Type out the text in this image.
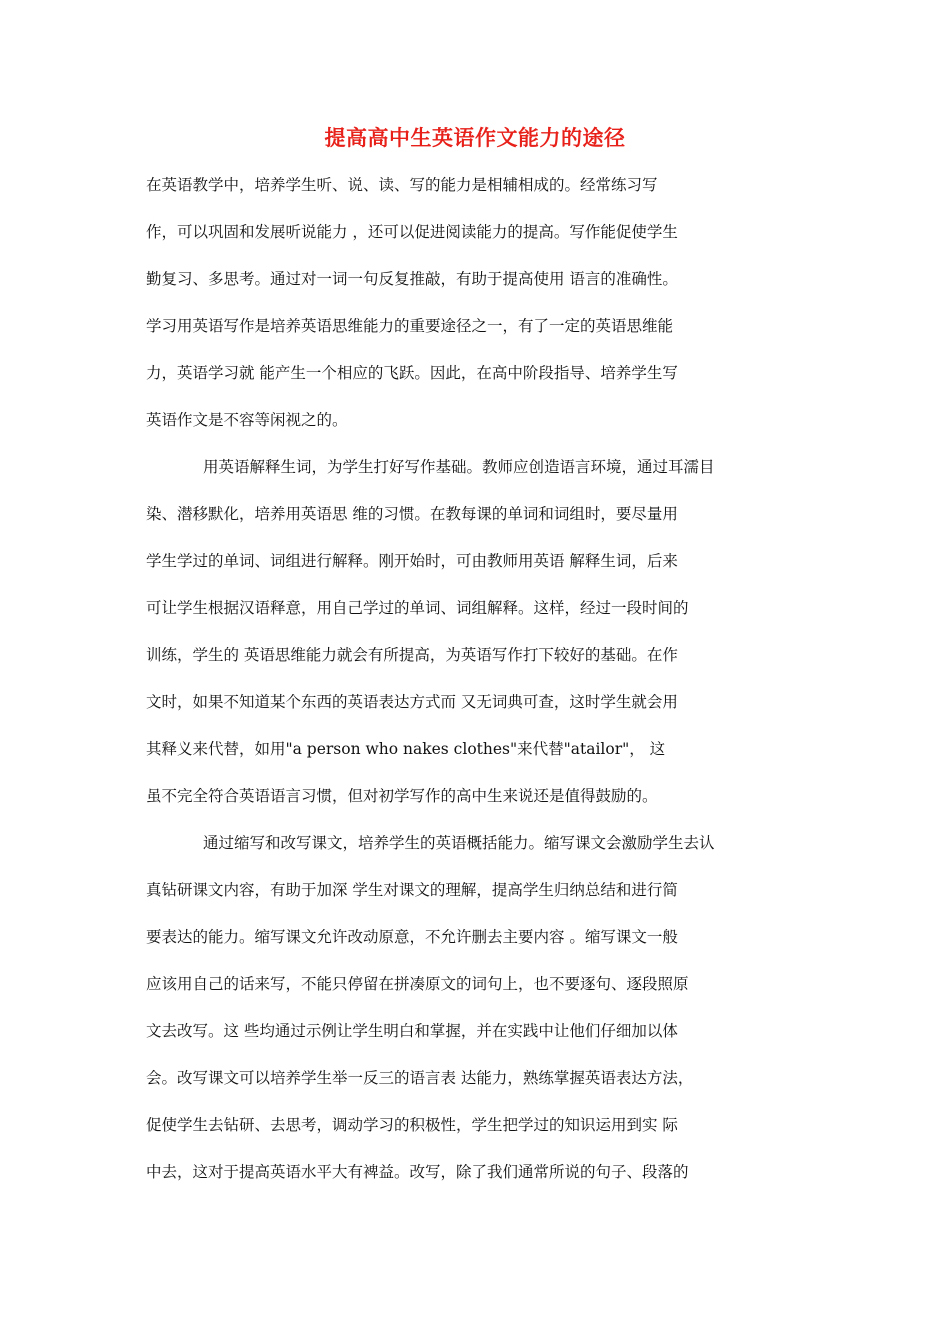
提高高中生英语作文能力的途径
在英语教学中，培养学生听、说、读、写的能力是相辅相成的。经常练习写
作，可以巩固和发展听说能力 ，还可以促进阅读能力的提高。写作能促使学生
勤复习、多思考。通过对一词一句反复推敲，有助于提高使用 语言的准确性。
学习用英语写作是培养英语思维能力的重要途径之一，有了一定的英语思维能
力，英语学习就 能产生一个相应的飞跃。因此，在高中阶段指导、培养学生写
英语作文是不容等闲视之的。
用英语解释生词，为学生打好写作基础。教师应创造语言环境，通过耳濡目
染、潜移默化，培养用英语思 维的习惯。在教每课的单词和词组时，要尽量用
学生学过的单词、词组进行解释。刚开始时，可由教师用英语 解释生词，后来
可让学生根据汉语释意，用自己学过的单词、词组解释。这样，经过一段时间的
训练，学生的 英语思维能力就会有所提高，为英语写作打下较好的基础。在作
文时，如果不知道某个东西的英语表达方式而 又无词典可查，这时学生就会用
其释义来代替，如用"a person who nakes clothes"来代替"atailor"， 这
虽不完全符合英语语言习惯，但对初学写作的高中生来说还是值得鼓励的。
通过缩写和改写课文，培养学生的英语概括能力。缩写课文会激励学生去认
真钻研课文内容，有助于加深 学生对课文的理解，提高学生归纳总结和进行简
要表达的能力。缩写课文允许改动原意，不允许删去主要内容 。缩写课文一般
应该用自己的话来写，不能只停留在拼凑原文的词句上，也不要逐句、逐段照原
文去改写。这 些均通过示例让学生明白和掌握，并在实践中让他们仔细加以体
会。改写课文可以培养学生举一反三的语言表 达能力，熟练掌握英语表达方法，
促使学生去钻研、去思考，调动学习的积极性，学生把学过的知识运用到实 际
中去，这对于提高英语水平大有裨益。改写，除了我们通常所说的句子、段落的
